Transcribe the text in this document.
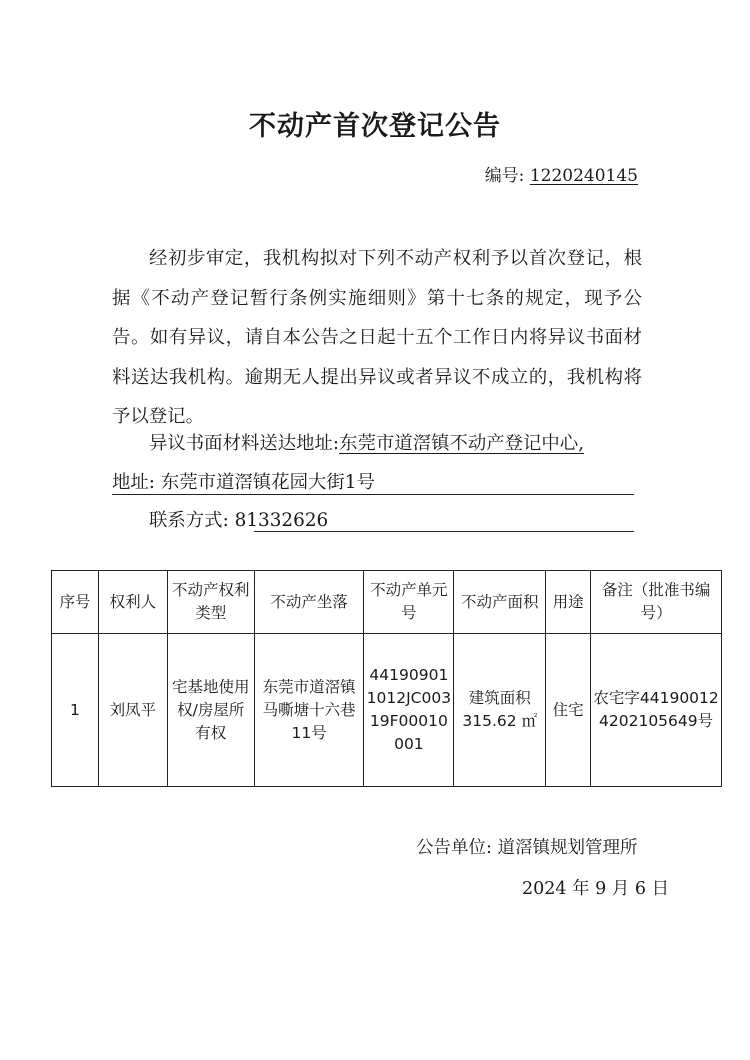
不动产首次登记公告
编号: 1220240145
经初步审定，我机构拟对下列不动产权利予以首次登记，根据《不动产登记暂行条例实施细则》第十七条的规定，现予公告。如有异议，请自本公告之日起十五个工作日内将异议书面材料送达我机构。逾期无人提出异议或者异议不成立的，我机构将予以登记。
异议书面材料送达地址:东莞市道滘镇不动产登记中心,
地址: 东莞市道滘镇花园大街1号
联系方式: 81332626
序号	权利人	不动产权利类型	不动产坐落	不动产单元号	不动产面积	用途	备注（批准书编号）
1	刘凤平	宅基地使用权/房屋所有权	东莞市道滘镇马嘶塘十六巷11号	441909011012JC00319F00010001	建筑面积315.62 ㎡	住宅	农宅字441900124202105649号
公告单位: 道滘镇规划管理所
2024 年 9 月 6 日
